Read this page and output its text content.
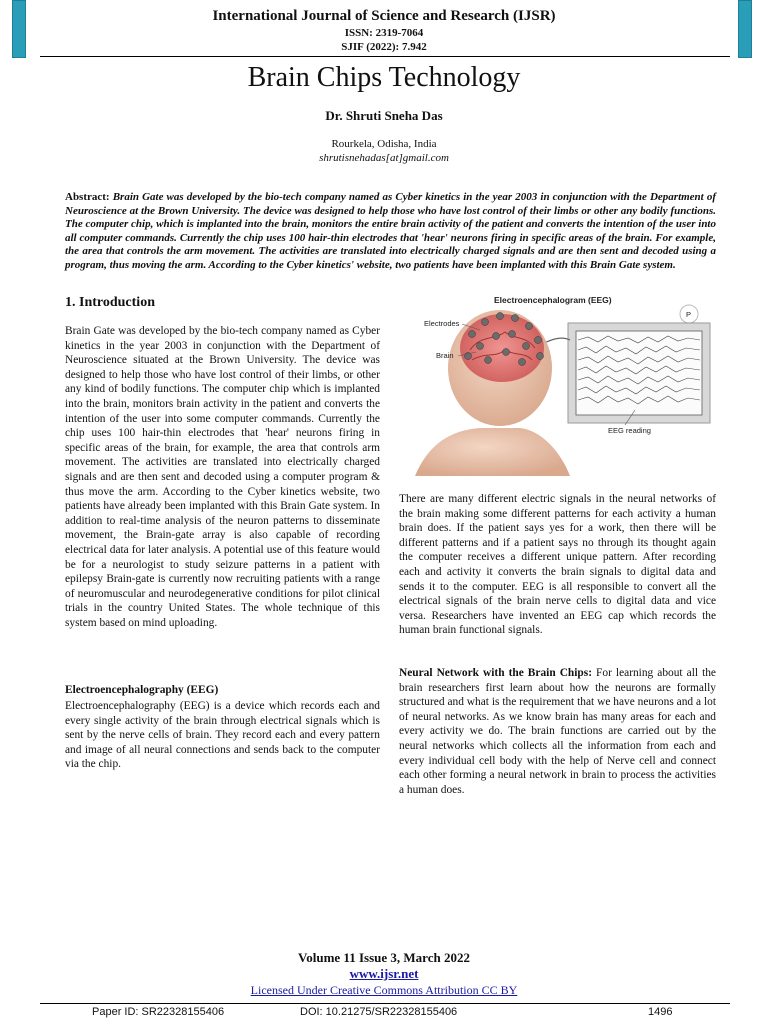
International Journal of Science and Research (IJSR)
ISSN: 2319-7064
SJIF (2022): 7.942
Brain Chips Technology
Dr. Shruti Sneha Das
Rourkela, Odisha, India
shrutisnehadas[at]gmail.com
Abstract: Brain Gate was developed by the bio-tech company named as Cyber kinetics in the year 2003 in conjunction with the Department of Neuroscience at the Brown University. The device was designed to help those who have lost control of their limbs or other any bodily functions. The computer chip, which is implanted into the brain, monitors the entire brain activity of the patient and converts the intention of the user into all computer commands. Currently the chip uses 100 hair-thin electrodes that 'hear' neurons firing in specific areas of the brain. For example, the area that controls the arm movement. The activities are translated into electrically charged signals and are then sent and decoded using a program, thus moving the arm. According to the Cyber kinetics' website, two patients have been implanted with this Brain Gate system.
1. Introduction
Brain Gate was developed by the bio-tech company named as Cyber kinetics in the year 2003 in conjunction with the Department of Neuroscience situated at the Brown University. The device was designed to help those who have lost control of their limbs, or other any kind of bodily functions. The computer chip which is implanted into the brain, monitors brain activity in the patient and converts the intention of the user into some computer commands. Currently the chip uses 100 hair-thin electrodes that 'hear' neurons firing in specific areas of the brain, for example, the area that controls arm movement. The activities are translated into electrically charged signals and are then sent and decoded using a computer program & thus move the arm. According to the Cyber kinetics website, two patients have already been implanted with this Brain Gate system. In addition to real-time analysis of the neuron patterns to disseminate movement, the Brain-gate array is also capable of recording electrical data for later analysis. A potential use of this feature would be for a neurologist to study seizure patterns in a patient with epilepsy Brain-gate is currently now recruiting patients with a range of neuromuscular and neurodegenerative conditions for pilot clinical trials in the country United States. The whole technique of this system based on mind uploading.
Electroencephalography (EEG)
Electroencephalography (EEG) is a device which records each and every single activity of the brain through electrical signals which is sent by the nerve cells of brain. They record each and every pattern and image of all neural connections and sends back to the computer via the chip.
Electroencephalogram (EEG)
P
EEG reading
Electrodes
Brain
There are many different electric signals in the neural networks of the brain making some different patterns for each activity a human brain does. If the patient says yes for a work, then there will be different patterns and if a patient says no through its thought again the computer receives a different unique pattern. After recording each and activity it converts the brain signals to digital data and sends it to the computer. EEG is all responsible to convert all the electrical signals of the brain nerve cells to digital data and vice versa. Researchers have invented an EEG cap which records the human brain functional signals.
Neural Network with the Brain Chips: For learning about all the brain researchers first learn about how the neurons are formally structured and what is the requirement that we have neurons and a lot of neural networks. As we know brain has many areas for each and every activity we do. The brain functions are carried out by the neural networks which collects all the information from each and every individual cell body with the help of Nerve cell and connect each other forming a neural network in brain to process the activities a human does.
Volume 11 Issue 3, March 2022
www.ijsr.net
Licensed Under Creative Commons Attribution CC BY
Paper ID: SR22328155406	DOI: 10.21275/SR22328155406	1496
